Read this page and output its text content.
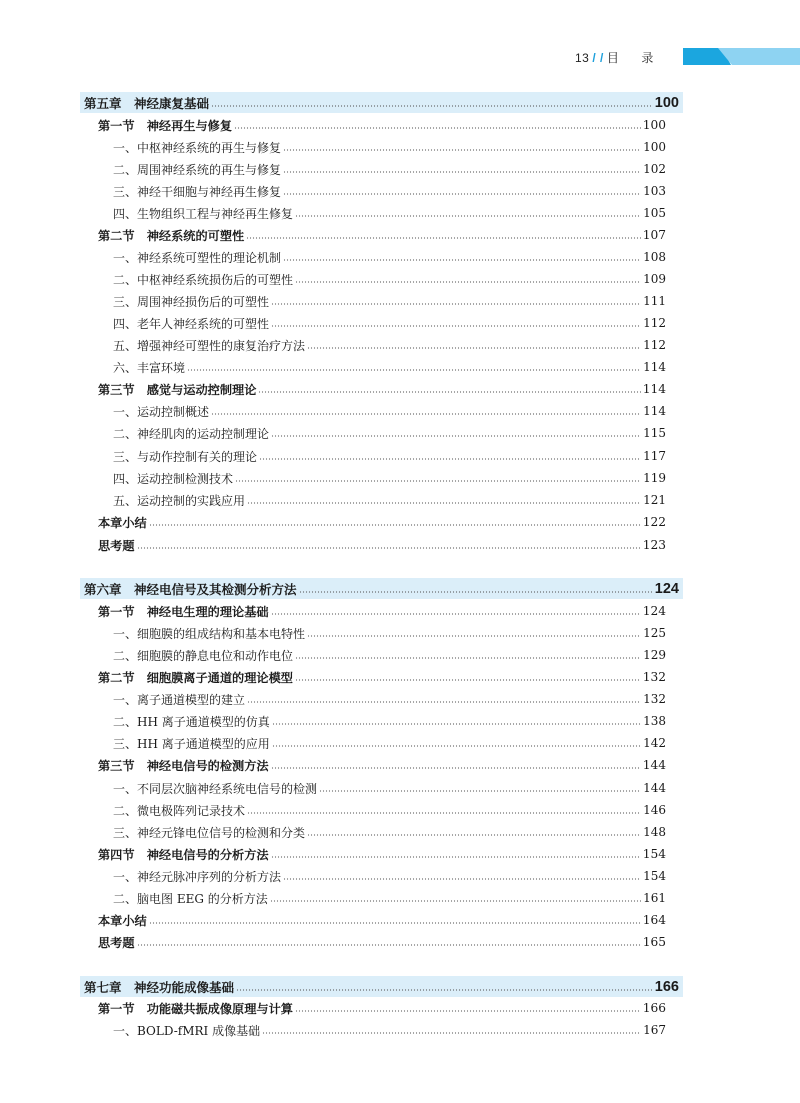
13 / / 目 录
第五章　神经康复基础	100
第一节　神经再生与修复	100
一、中枢神经系统的再生与修复	100
二、周围神经系统的再生与修复	102
三、神经干细胞与神经再生修复	103
四、生物组织工程与神经再生修复	105
第二节　神经系统的可塑性	107
一、神经系统可塑性的理论机制	108
二、中枢神经系统损伤后的可塑性	109
三、周围神经损伤后的可塑性	111
四、老年人神经系统的可塑性	112
五、增强神经可塑性的康复治疗方法	112
六、丰富环境	114
第三节　感觉与运动控制理论	114
一、运动控制概述	114
二、神经肌肉的运动控制理论	115
三、与动作控制有关的理论	117
四、运动控制检测技术	119
五、运动控制的实践应用	121
本章小结	122
思考题	123
第六章　神经电信号及其检测分析方法	124
第一节　神经电生理的理论基础	124
一、细胞膜的组成结构和基本电特性	125
二、细胞膜的静息电位和动作电位	129
第二节　细胞膜离子通道的理论模型	132
一、离子通道模型的建立	132
二、HH 离子通道模型的仿真	138
三、HH 离子通道模型的应用	142
第三节　神经电信号的检测方法	144
一、不同层次脑神经系统电信号的检测	144
二、微电极阵列记录技术	146
三、神经元锋电位信号的检测和分类	148
第四节　神经电信号的分析方法	154
一、神经元脉冲序列的分析方法	154
二、脑电图 EEG 的分析方法	161
本章小结	164
思考题	165
第七章　神经功能成像基础	166
第一节　功能磁共振成像原理与计算	166
一、BOLD-fMRI 成像基础	167
